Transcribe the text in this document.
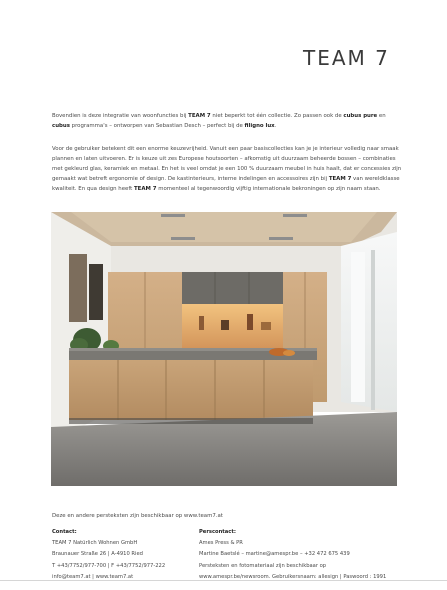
TEAM 7

Bovendien is deze integratie van woonfuncties bij TEAM 7 niet beperkt tot één collectie. Zo passen ook de cubus pure en cubus programma's – ontworpen van Sebastian Desch – perfect bij de filigno lux.

Voor de gebruiker betekent dit een enorme keuzevrijheid. Vanuit een paar basiscollecties kan je je interieur volledig naar smaak plannen en laten uitvoeren. Er is keuze uit zes Europese houtsoorten – afkomstig uit duurzaam beheerde bossen – combinaties met gekleurd glas, keramiek en metaal. En het is veel omdat je een 100 % duurzaam meubel in huis haalt, dat er concessies zijn gemaakt wat betreft ergonomie of design. De kastinterieurs, interne indelingen en accessoires zijn bij TEAM 7 van wereldklasse kwaliteit. En qua design heeft TEAM 7 momenteel al tegenwoordig vijftig internationale bekroningen op zijn naam staan.

Deze en andere persteksten zijn beschikbaar op www.team7.at
Contact:
TEAM 7 Natürlich Wohnen GmbH
Braunauer Straße 26 | A-4910 Ried
T +43/7752/977-700 | F +43/7752/977-222
info@team7.at | www.team7.at
Perscontact:
Ames Press & PR
Martine Baetslé – martine@amespr.be – +32 472 675 439
Persteksten en fotomateriaal zijn beschikbaar op
www.amespr.be/newsroom. Gebruikersnaam: allesign | Paswoord : 1991
